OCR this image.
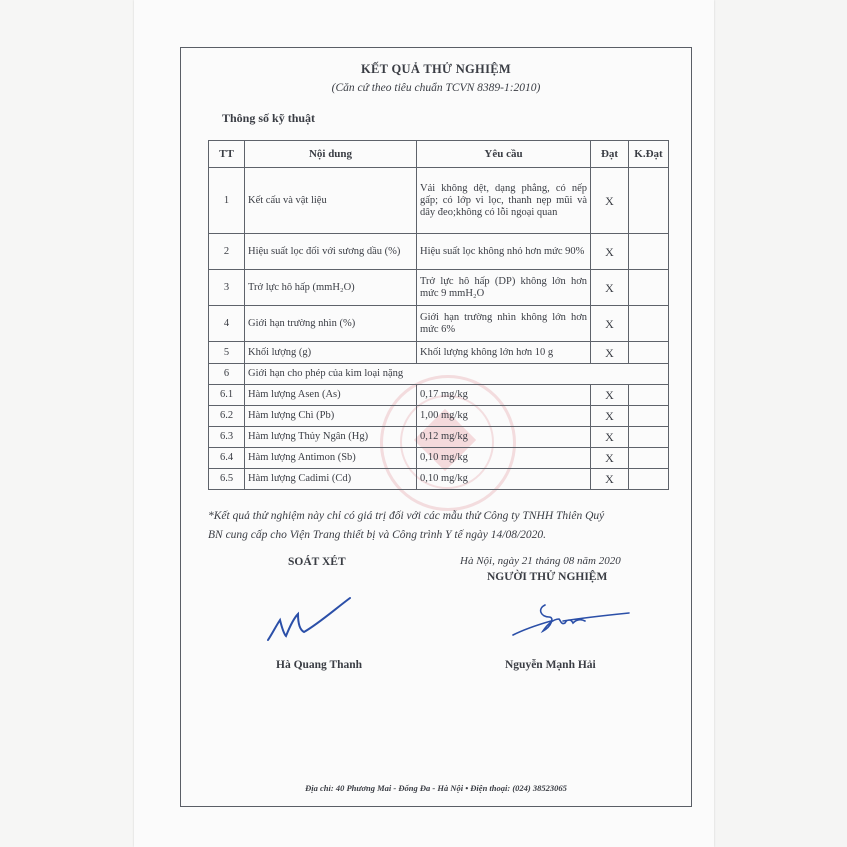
KẾT QUẢ THỬ NGHIỆM
(Căn cứ theo tiêu chuẩn TCVN 8389-1:2010)
Thông số kỹ thuật
TT	Nội dung	Yêu cầu	Đạt	K.Đạt
1	Kết cấu và vật liệu	Vải không dệt, dạng phẳng, có nếp gấp; có lớp vi lọc, thanh nẹp mũi và dây đeo;không có lỗi ngoại quan	X	
2	Hiệu suất lọc đối với sương dầu (%)	Hiệu suất lọc không nhỏ hơn mức 90%	X	
3	Trở lực hô hấp (mmH₂O)	Trở lực hô hấp (DP) không lớn hơn mức 9 mmH₂O	X	
4	Giới hạn trường nhìn (%)	Giới hạn trường nhìn không lớn hơn mức 6%	X	
5	Khối lượng (g)	Khối lượng không lớn hơn 10 g	X	
6	Giới hạn cho phép của kim loại nặng			
6.1	Hàm lượng Asen (As)	0,17 mg/kg	X	
6.2	Hàm lượng Chì (Pb)	1,00 mg/kg	X	
6.3	Hàm lượng Thủy Ngân (Hg)	0,12 mg/kg	X	
6.4	Hàm lượng Antimon (Sb)	0,10 mg/kg	X	
6.5	Hàm lượng Cadimi (Cd)	0,10 mg/kg	X	
*Kết quả thử nghiệm này chỉ có giá trị đối với các mẫu thử Công ty TNHH Thiên Quý
BN cung cấp cho Viện Trang thiết bị và Công trình Y tế ngày 14/08/2020.
SOÁT XÉT	Hà Nội, ngày 21 tháng 08 năm 2020
NGƯỜI THỬ NGHIỆM
Hà Quang Thanh	Nguyễn Mạnh Hải
Địa chỉ: 40 Phương Mai - Đống Đa - Hà Nội • Điện thoại: (024) 38523065
